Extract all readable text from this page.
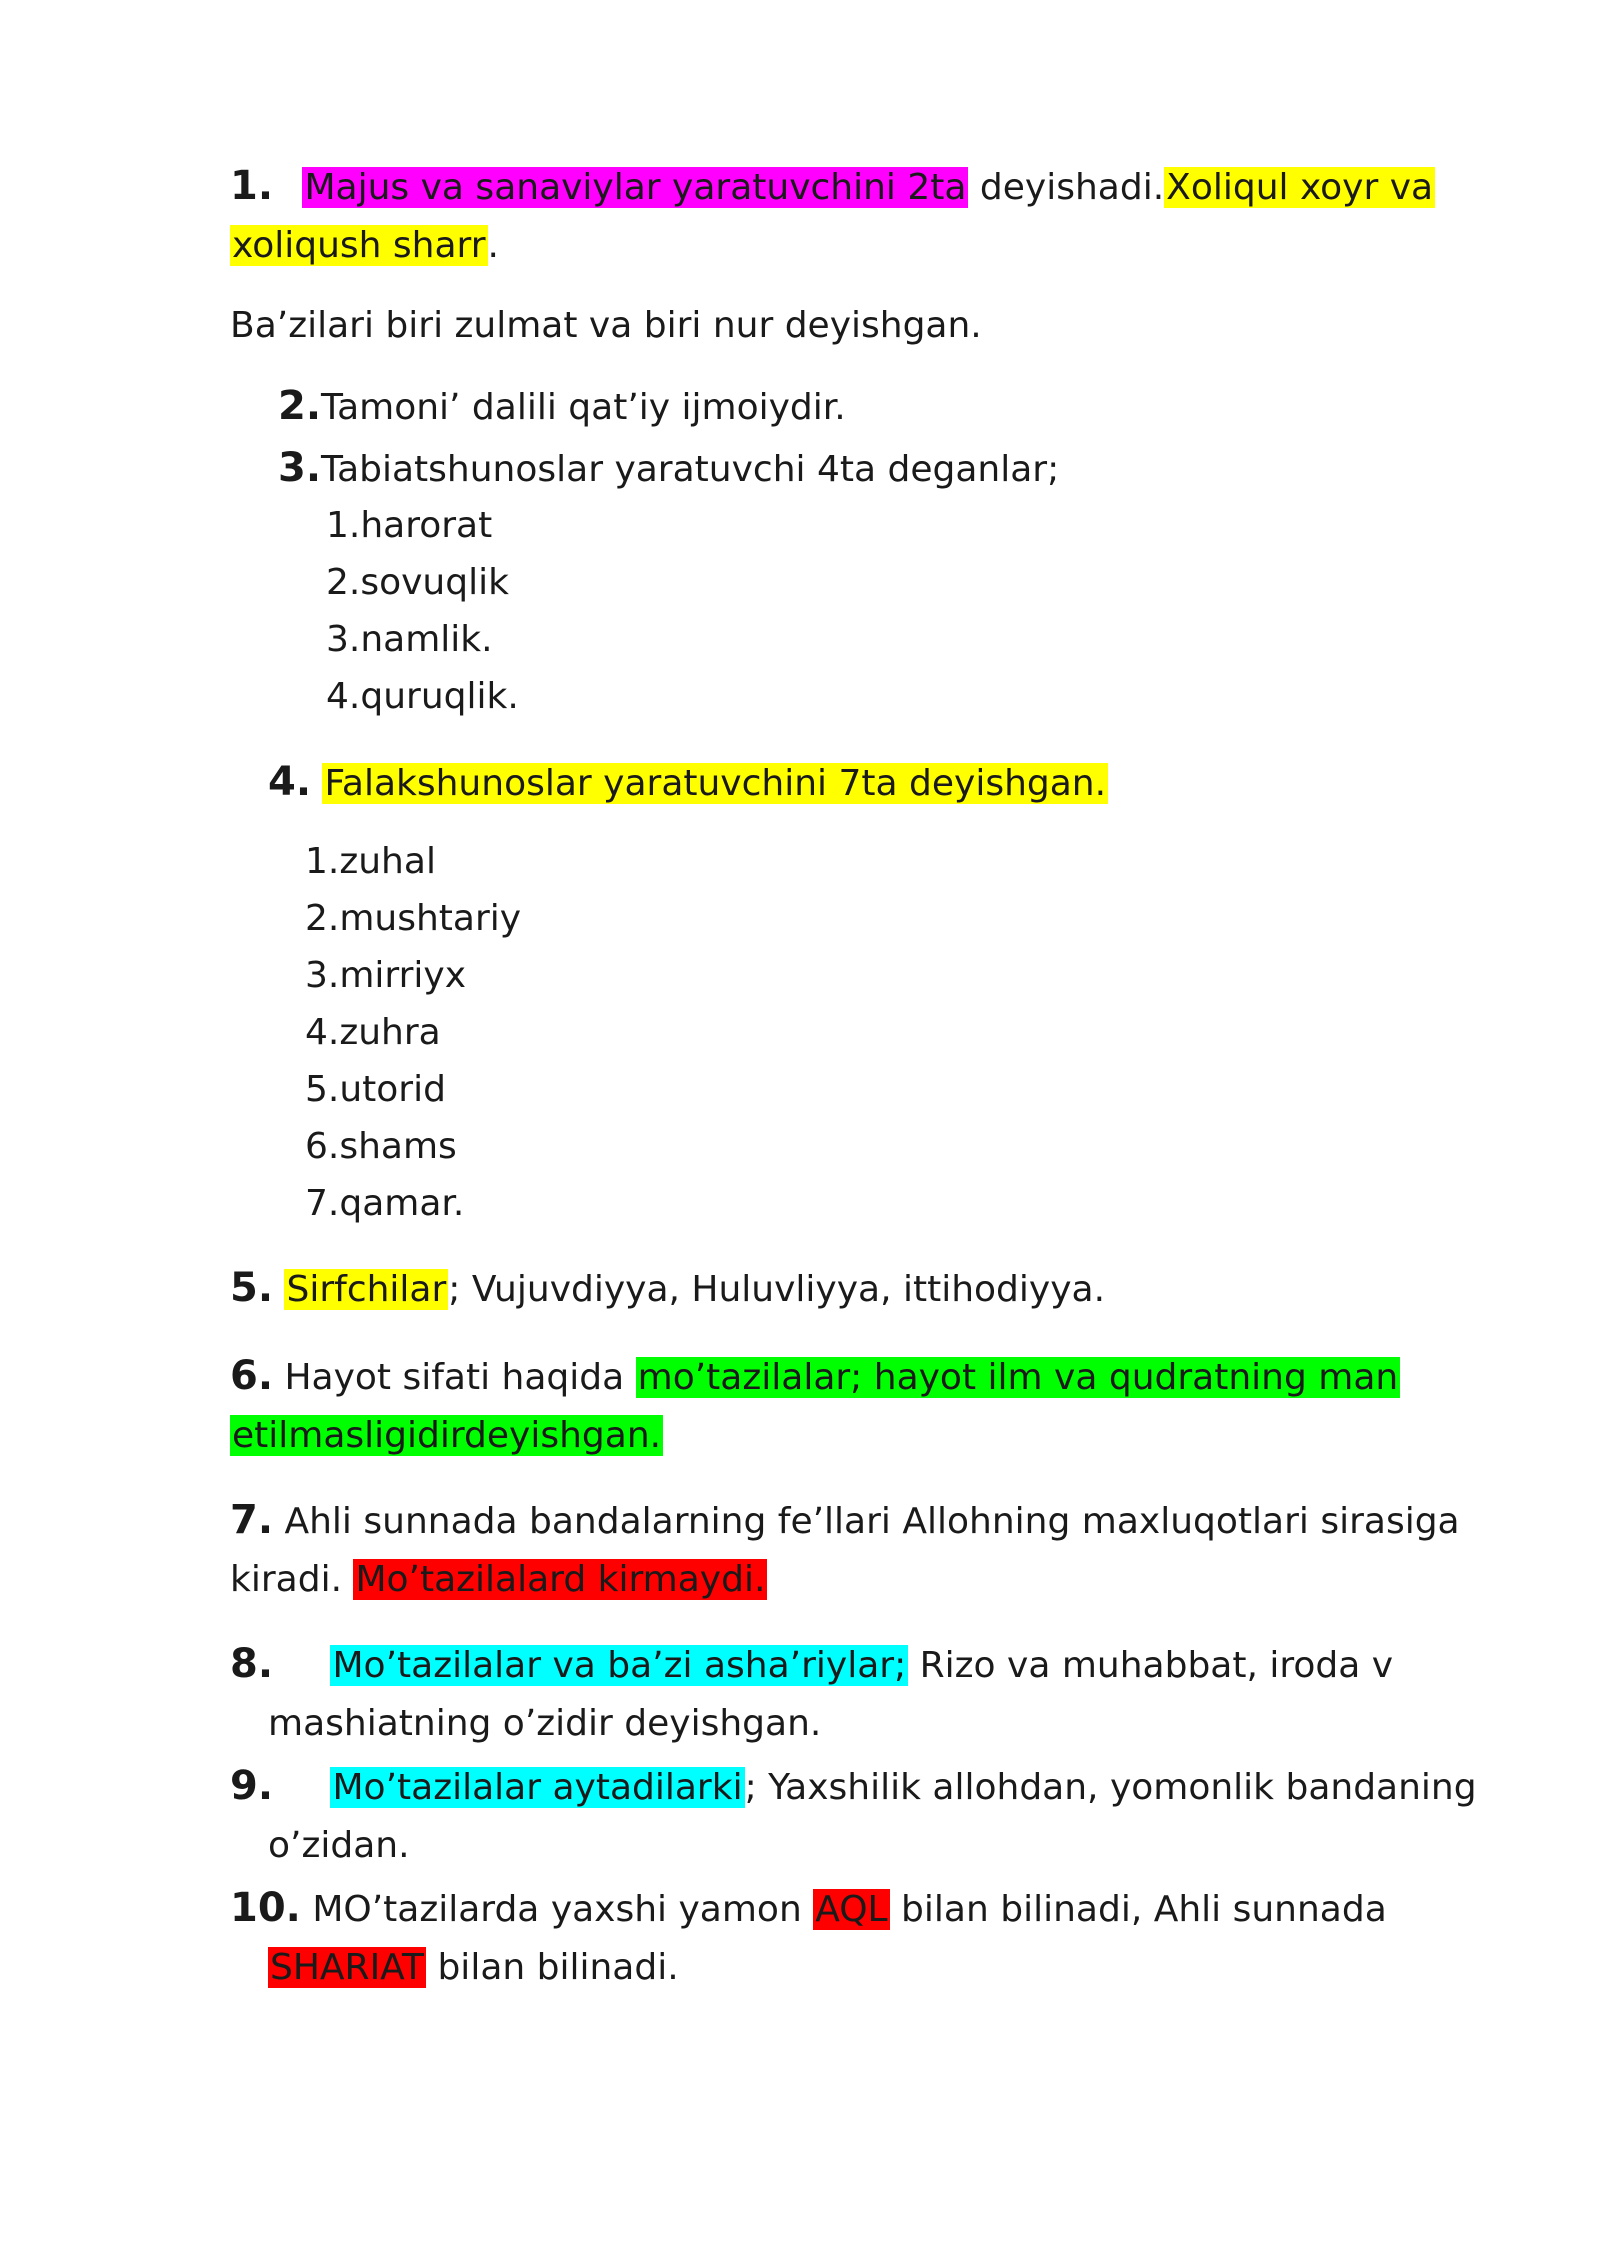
1. Majus va sanaviylar yaratuvchini 2ta deyishadi.Xoliqul xoyr va
xoliqush sharr.
Ba’zilari biri zulmat va biri nur deyishgan.
2.Tamoni’ dalili qat’iy ijmoiydir.
3.Tabiatshunoslar yaratuvchi 4ta deganlar;
1.harorat
2.sovuqlik
3.namlik.
4.quruqlik.
4. Falakshunoslar yaratuvchini 7ta deyishgan.
1.zuhal
2.mushtariy
3.mirriyx
4.zuhra
5.utorid
6.shams
7.qamar.
5. Sirfchilar; Vujuvdiyya, Huluvliyya, ittihodiyya.
6. Hayot sifati haqida mo’tazilalar; hayot ilm va qudratning man
etilmasligidirdeyishgan.
7. Ahli sunnada bandalarning fe’llari Allohning maxluqotlari sirasiga
kiradi. Mo’tazilalard kirmaydi.
8. Mo’tazilalar va ba’zi asha’riylar; Rizo va muhabbat, iroda v
mashiatning o’zidir deyishgan.
9. Mo’tazilalar aytadilarki; Yaxshilik allohdan, yomonlik bandaning
o’zidan.
10. MO’tazilarda yaxshi yamon AQL bilan bilinadi, Ahli sunnada
SHARIAT bilan bilinadi.
